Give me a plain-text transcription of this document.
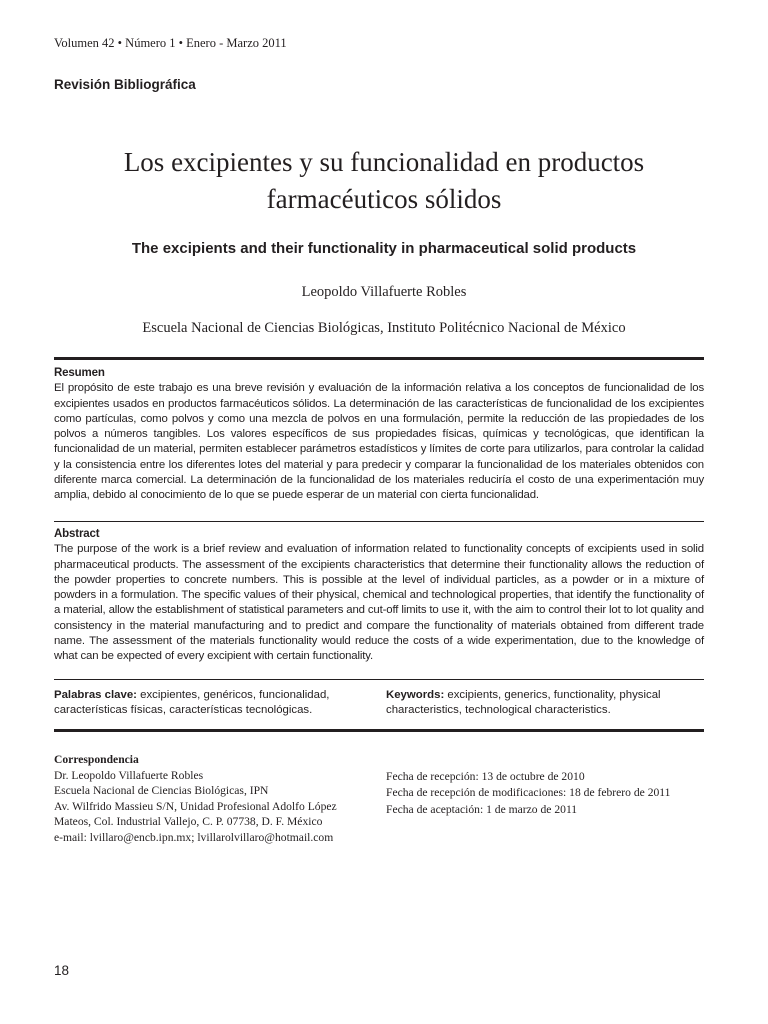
Volumen 42 • Número 1 • Enero - Marzo 2011
Revisión Bibliográfica
Los excipientes y su funcionalidad en productos farmacéuticos sólidos
The excipients and their functionality in pharmaceutical solid products
Leopoldo Villafuerte Robles
Escuela Nacional de Ciencias Biológicas, Instituto Politécnico Nacional de México
Resumen
El propósito de este trabajo es una breve revisión y evaluación de la información relativa a los conceptos de funcionalidad de los excipientes usados en productos farmacéuticos sólidos. La determinación de las características de funcionalidad de los excipientes como partículas, como polvos y como una mezcla de polvos en una formulación, permite la reducción de las propiedades de los polvos a números tangibles. Los valores específicos de sus propiedades físicas, químicas y tecnológicas, que identifican la funcionalidad de un material, permiten establecer parámetros estadísticos y límites de corte para utilizarlos, para controlar la calidad y la consistencia entre los diferentes lotes del material y para predecir y comparar la funcionalidad de los materiales obtenidos con diferente marca comercial. La determinación de la funcionalidad de los materiales reduciría el costo de una experimentación muy amplia, debido al conocimiento de lo que se puede esperar de un material con cierta funcionalidad.
Abstract
The purpose of the work is a brief review and evaluation of information related to functionality concepts of excipients used in solid pharmaceutical products. The assessment of the excipients characteristics that determine their functionality allows the reduction of the powder properties to concrete numbers. This is possible at the level of individual particles, as a powder or in a mixture of powders in a formulation. The specific values of their physical, chemical and technological properties, that identify the functionality of a material, allow the establishment of statistical parameters and cut-off limits to use it, with the aim to control their lot to lot quality and consistency in the material manufacturing and to predict and compare the functionality of materials obtained from different trade name. The assessment of the materials functionality would reduce the costs of a wide experimentation, due to the knowledge of what can be expected of every excipient with certain functionality.
Palabras clave: excipientes, genéricos, funcionalidad, características físicas, características tecnológicas.
Keywords: excipients, generics, functionality, physical characteristics, technological characteristics.
Correspondencia
Dr. Leopoldo Villafuerte Robles
Escuela Nacional de Ciencias Biológicas, IPN
Av. Wilfrido Massieu S/N, Unidad Profesional Adolfo López
Mateos, Col. Industrial Vallejo, C. P. 07738, D. F. México
e-mail: lvillaro@encb.ipn.mx; lvillarolvillaro@hotmail.com
Fecha de recepción: 13 de octubre de 2010
Fecha de recepción de modificaciones: 18 de febrero de 2011
Fecha de aceptación: 1 de marzo de 2011
18
